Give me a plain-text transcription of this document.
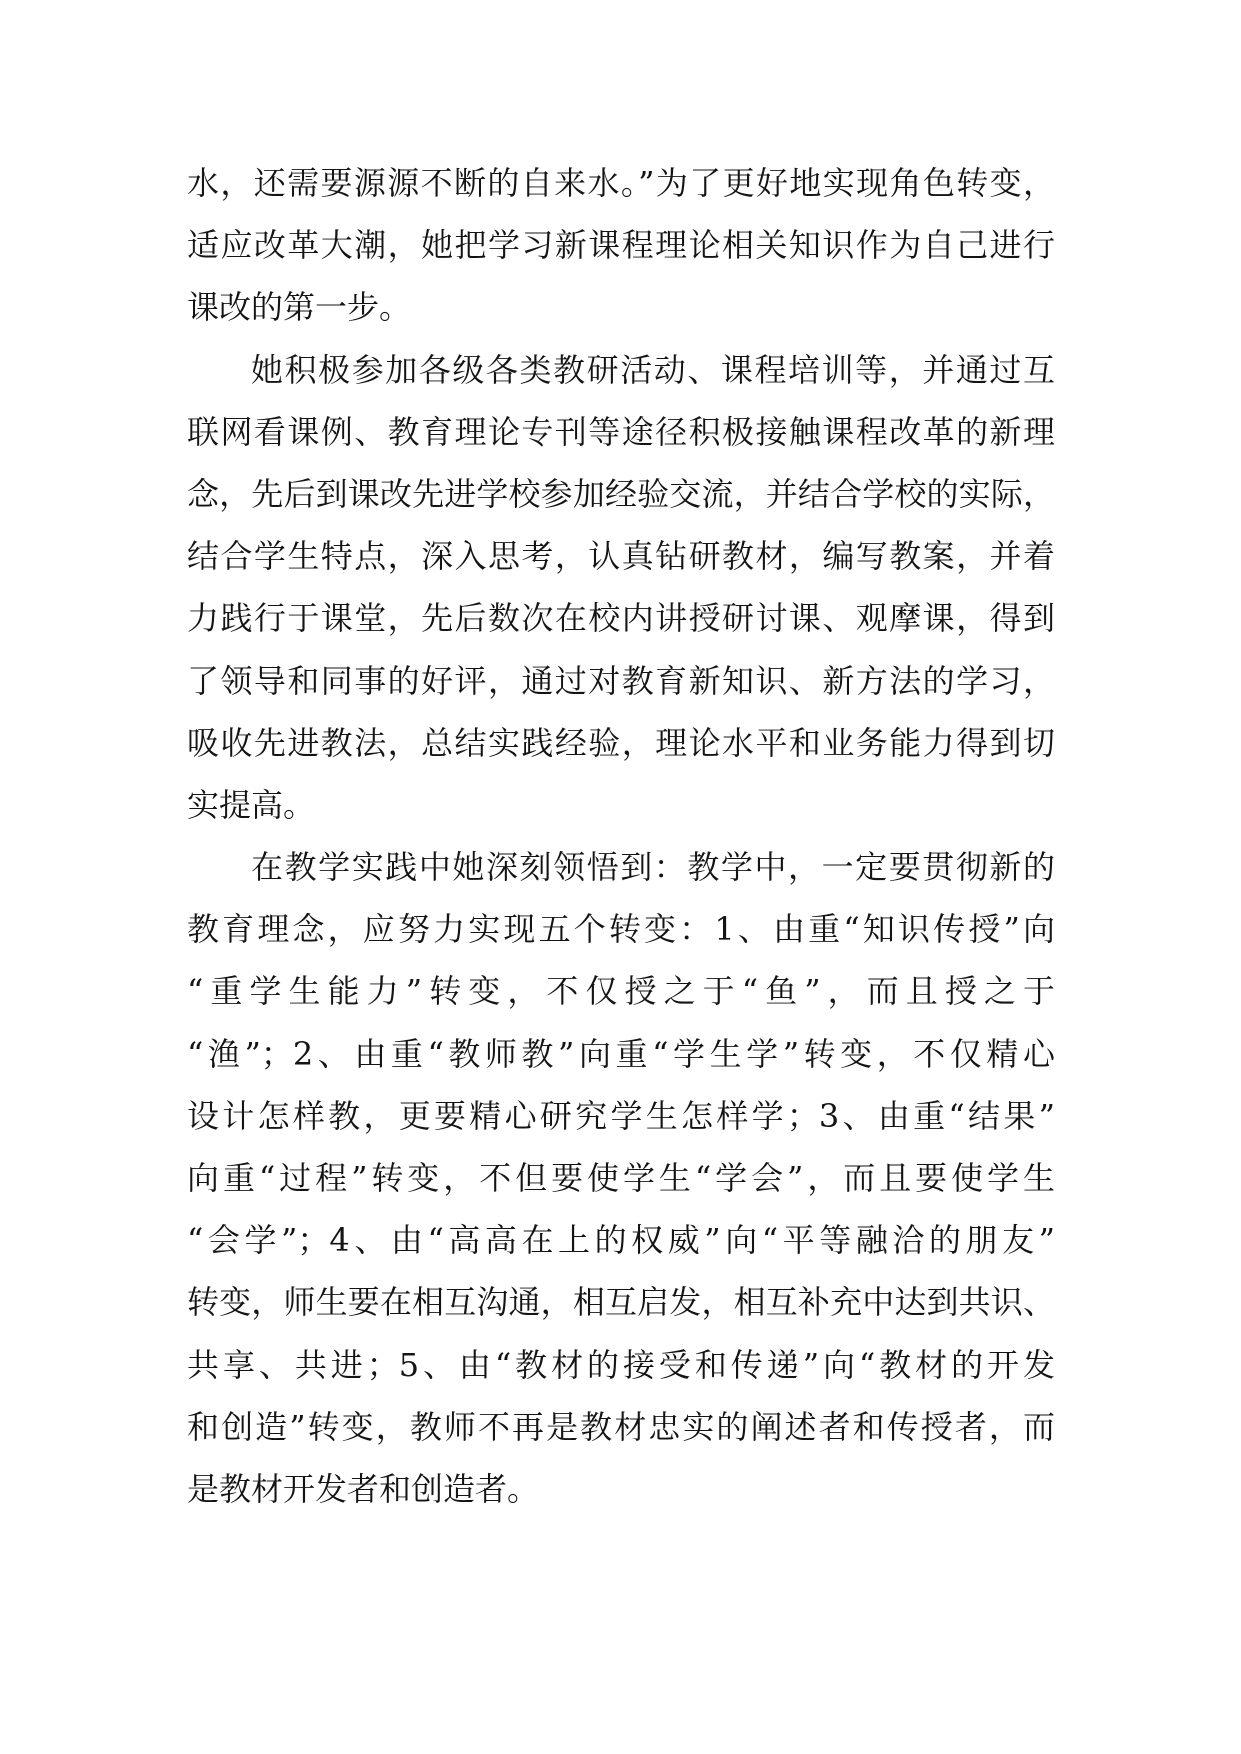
水，还需要源源不断的自来水。”为了更好地实现角色转变，
适应改革大潮，她把学习新课程理论相关知识作为自己进行
课改的第一步。
她积极参加各级各类教研活动、课程培训等，并通过互
联网看课例、教育理论专刊等途径积极接触课程改革的新理
念，先后到课改先进学校参加经验交流，并结合学校的实际，
结合学生特点，深入思考，认真钻研教材，编写教案，并着
力践行于课堂，先后数次在校内讲授研讨课、观摩课，得到
了领导和同事的好评，通过对教育新知识、新方法的学习，
吸收先进教法，总结实践经验，理论水平和业务能力得到切
实提高。
在教学实践中她深刻领悟到：教学中，一定要贯彻新的
教育理念，应努力实现五个转变：1、由重“知识传授”向
“重学生能力”转变，不仅授之于“鱼”，而且授之于
“渔”；2、由重“教师教”向重“学生学”转变，不仅精心
设计怎样教，更要精心研究学生怎样学；3、由重“结果”
向重“过程”转变，不但要使学生“学会”，而且要使学生
“会学”；4、由“高高在上的权威”向“平等融洽的朋友”
转变，师生要在相互沟通，相互启发，相互补充中达到共识、
共享、共进；5、由“教材的接受和传递”向“教材的开发
和创造”转变，教师不再是教材忠实的阐述者和传授者，而
是教材开发者和创造者。
